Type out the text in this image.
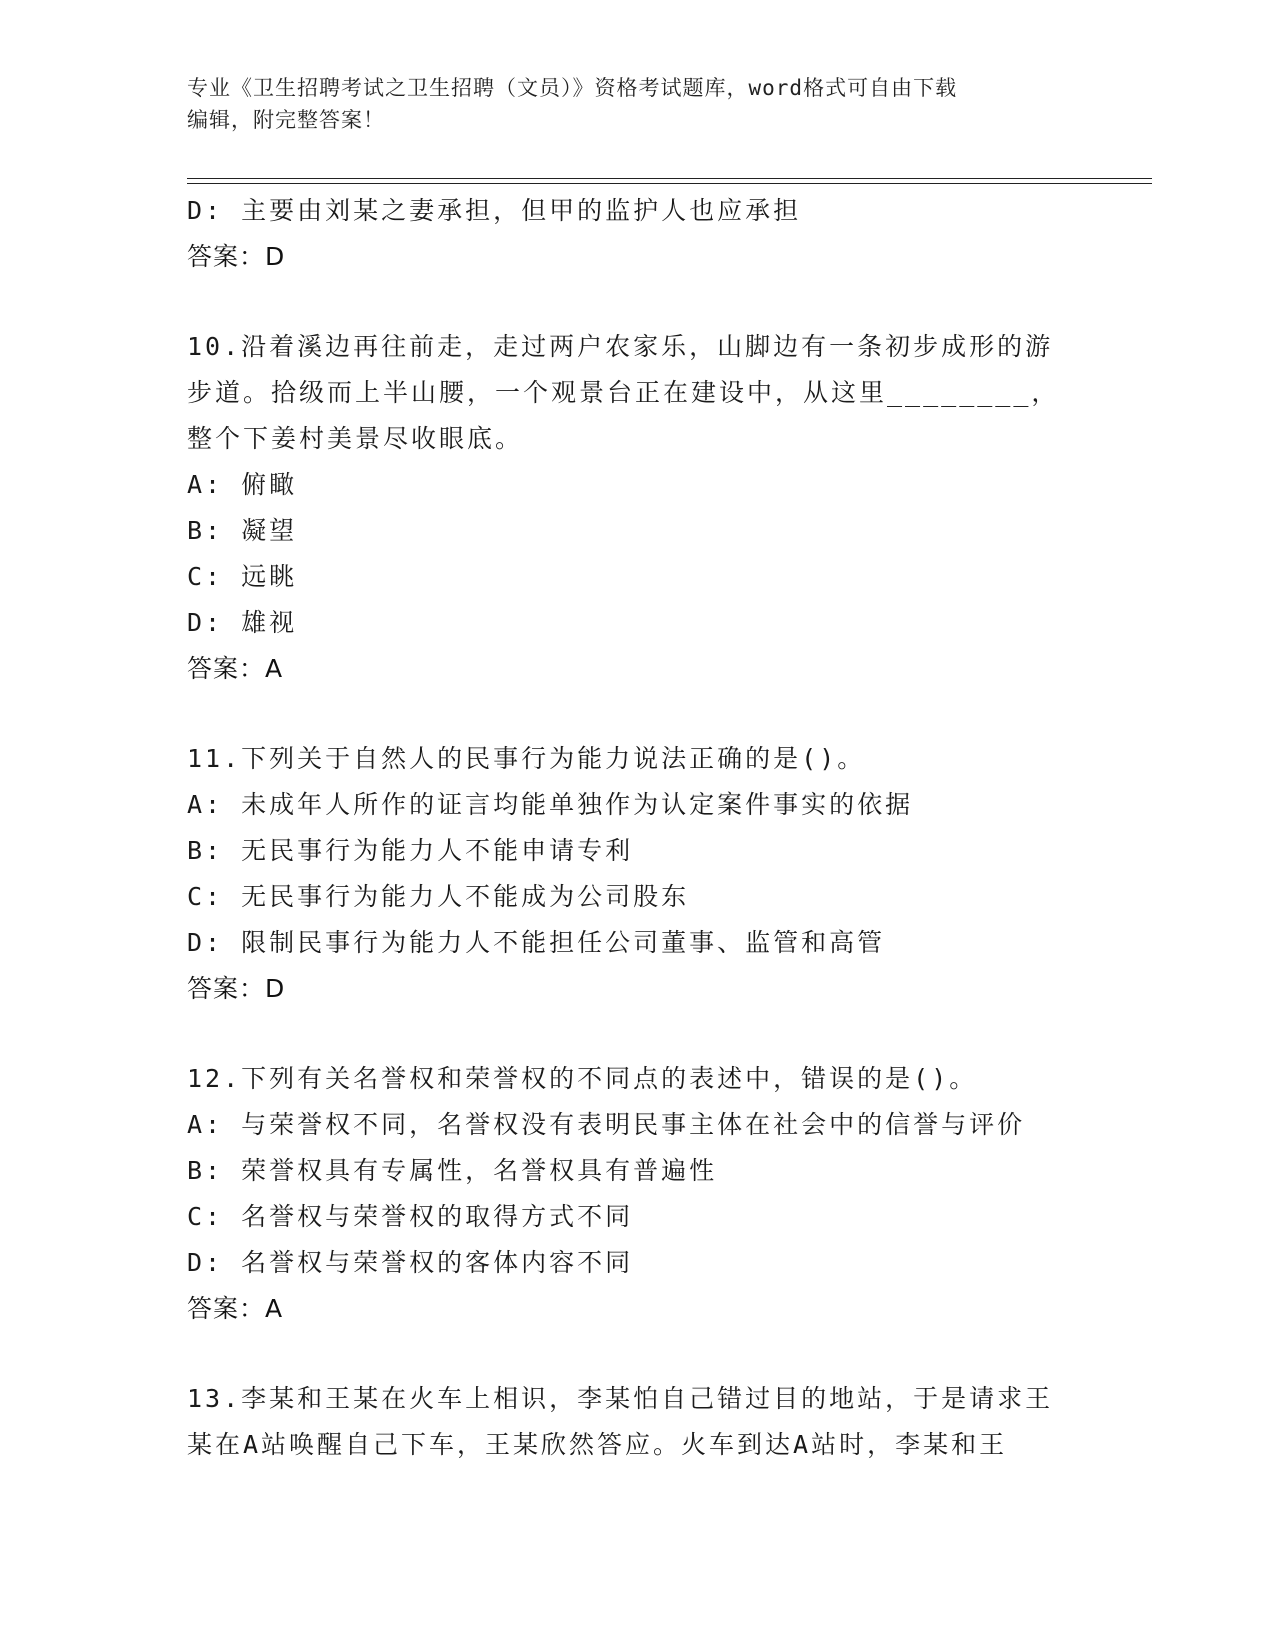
专业《卫生招聘考试之卫生招聘（文员）》资格考试题库，word格式可自由下载
编辑，附完整答案！
D: 主要由刘某之妻承担，但甲的监护人也应承担
答案：D
10.沿着溪边再往前走，走过两户农家乐，山脚边有一条初步成形的游
步道。拾级而上半山腰，一个观景台正在建设中，从这里________，
整个下姜村美景尽收眼底。
A: 俯瞰
B: 凝望
C: 远眺
D: 雄视
答案：A
11.下列关于自然人的民事行为能力说法正确的是()。
A: 未成年人所作的证言均能单独作为认定案件事实的依据
B: 无民事行为能力人不能申请专利
C: 无民事行为能力人不能成为公司股东
D: 限制民事行为能力人不能担任公司董事、监管和高管
答案：D
12.下列有关名誉权和荣誉权的不同点的表述中，错误的是()。
A: 与荣誉权不同，名誉权没有表明民事主体在社会中的信誉与评价
B: 荣誉权具有专属性，名誉权具有普遍性
C: 名誉权与荣誉权的取得方式不同
D: 名誉权与荣誉权的客体内容不同
答案：A
13.李某和王某在火车上相识，李某怕自己错过目的地站，于是请求王
某在A站唤醒自己下车，王某欣然答应。火车到达A站时，李某和王
